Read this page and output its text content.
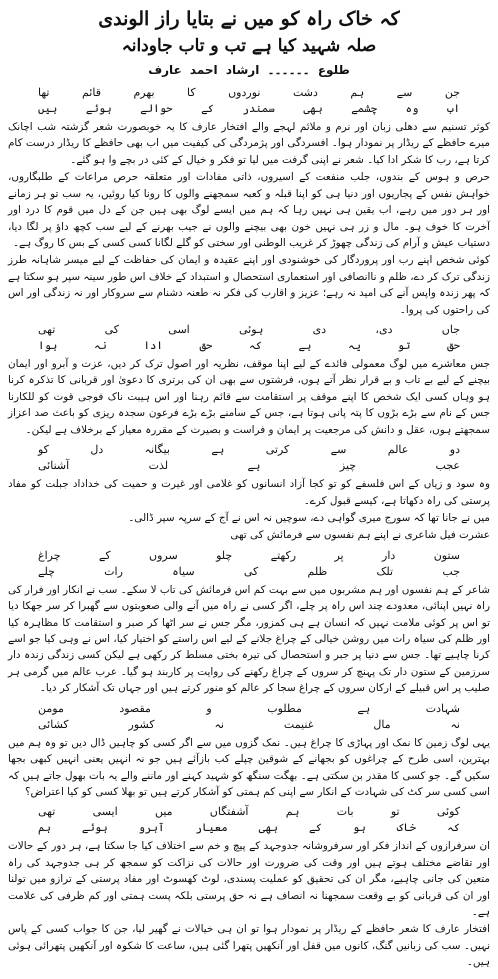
کہ خاک راہ کو میں نے بتایا راز الوندی
صلہ شہید کیا ہے تب و تاب جاودانہ
طلوع ۔۔۔۔۔۔ ارشاد احمد عارف
جن سے ہم دشت نوردوں کا بھرم قائم تھا
اب وہ چشمے بھی سمندر کے حوالے ہوئے ہیں

کوثر تسنیم سے دھلی زبان اور نرم و ملائم لہجے والے افتخار عارف کا یہ خوبصورت شعر گزشتہ شب اچانک میرے حافظے کے ریڈار پر نمودار ہوا۔ افسردگی اور پژمردگی کی کیفیت میں اب بھی حافظے کا ریڈار درست کام کرتا ہے، رب کا شکر ادا کیا۔ شعر نے اپنی گرفت میں لیا تو فکر و خیال کے کئی در بچے وا ہو گئے۔

حرص و ہوس کے بندوں، جلب منفعت کے اسیروں، ذاتی مفادات اور متعلقہ حرص مراعات کے طلبگاروں، خواہش نفس کے پجاریوں اور دنیا ہی کو اپنا قبلہ و کعبہ سمجھنے والوں کا رونا کیا روئیں، یہ سب تو ہر زمانے اور ہر دور میں رہے، اب یقین ہی نہیں رہا کہ ہم میں ایسے لوگ بھی ہیں جن کے دل میں قوم کا درد اور آخرت کا خوف ہو۔ مال و زر ہی نہیں خون بھی بیچنے والوں نے جیب بھرنے کے لیے سب کچھ داؤ پر لگا دیا، دستیاب عیش و آرام کی زندگی چھوڑ کر غریب الوطنی اور سختی کو گلے لگانا کسی کسی کے بس کا روگ ہے۔

کوئی شخص اپنے رب اور پروردگار کی خوشنودی اور اپنے عقیدہ و ایمان کی حفاظت کے لیے میسر شاہانہ طرز زندگی ترک کر دے، ظلم و ناانصافی اور استعماری استحصال و استبداد کے خلاف اس طور سینہ سپر ہو سکتا ہے کہ پھر زندہ واپس آنے کی امید نہ رہے؛ عزیز و اقارب کی فکر نہ طعنہ دشنام سے سروکار اور نہ زندگی اور اس کی راحتوں کی پروا۔

جاں دی، دی ہوئی اسی کی تھی
حق تو یہ ہے کہ حق ادا نہ ہوا

جس معاشرے میں لوگ معمولی فائدے کے لیے اپنا موقف، نظریہ اور اصول ترک کر دیں، عزت و آبرو اور ایمان بیچنے کے لیے بے تاب و بے قرار نظر آتے ہوں، فرشتوں سے بھی ان کی برتری کا دعویٰ اور قربانی کا تذکرہ کرنا ہو وہاں کسی ایک شخص کا اپنے موقف پر استقامت سے قائم رہنا اور اس ہیبت ناک فوجی قوت کو للکارنا جس کے نام سے بڑے بڑوں کا پتہ پانی ہوتا ہے، جس کے سامنے بڑے بڑے فرعون سجدہ ریزی کو باعث صد اعزاز سمجھتے ہوں، عقل و دانش کی مرجعیت پر ایمان و فراست و بصیرت کے مقررہ معیار کے برخلاف ہے لیکن۔

دو عالم سے کرتی ہے بیگانہ دل کو
عجب چیز ہے لذت آشنائی

وہ سود و زیاں کے اس فلسفے کو تو کجا آزاد انسانوں کو غلامی اور غیرت و حمیت کی خداداد جبلت کو مفاد پرستی کی راہ دکھاتا ہے، کیسے قبول کرے۔

میں نے جانا تھا کہ سورج میری گواہی دے، سوچیں نہ اس نے آج کے سرپہ سپر ڈالی۔

عشرت فیل شاعری نے اپنے ہم نفسوں سے فرمائش کی تھی

ستون دار پر رکھتے چلو سروں کے چراغ
جب تلک ظلم کی سیاہ رات چلے

شاعر کے ہم نفسوں اور ہم مشربوں میں سے بہت کم اس فرمائش کی تاب لا سکے۔ سب نے انکار اور فرار کی راہ نہیں اپنائی، معدودے چند اس راہ پر چلے، اگر کسی نے راہ میں آنے والی صعوبتوں سے گھبرا کر سر جھکا دیا تو اس پر کوئی ملامت نہیں کہ انسان ہے ہی کمزور، مگر جس نے سر اٹھا کر صبر و استقامت کا مظاہرہ کیا اور ظلم کی سیاہ رات میں روشن خیالی کے چراغ جلانے کے لیے اس راستے کو اختیار کیا، اس نے وہی کیا جو اسے کرنا چاہیے تھا۔ جس سے دنیا پر جبر و استحصال کی تیرہ بختی مسلط کر رکھی ہے لیکن کسی زندگی زندہ دار سرزمین کے ستون دار تک پہنچ کر سروں کے چراغ رکھنے کی روایت پر کاربند ہو گیا۔ عرب عالم میں گرمی ہر صلیب پر اس قبیلے کے ارکان سروں کے چراغ سجا کر عالم کو منور کرتے ہیں اور جہاں تک آشکار کر دیا۔

شہادت ہے مطلوب و مقصود مومن
نہ مال غنیمت نہ کشور کشائی

یہی لوگ زمین کا نمک اور پہاڑی کا چراغ ہیں۔ نمک گزوں میں سے اگر کسی کو چاہیں ڈال دیں تو وہ ہم میں بہترین، اسی طرح کے چراغوں کو بجھانے کے شوقین چپلے کب بازآئے ہیں جو نہ انہیں یعنی انہیں کبھی بجھا سکیں گے۔ جو کسی کا مقدر بن سکتی ہے۔ بھگت سنگھ کو شہید کہنے اور ماننے والے یہ بات بھول جاتے ہیں کہ اسی کسی سر کٹ کی شہادت کے انکار سے اپنی کم ہمتی کو آشکار کرتے ہیں تو بھلا کسی کو کیا اعتراض؟

کوئی تو بات ہم آشفتگاں میں ایسی تھی
کہ خاک ہو کے بھی معیار آبرو ہوئے ہم

ان سرفرازوں کے انداز فکر اور سرفروشانہ جدوجہد کے پیچ و خم سے اختلاف کیا جا سکتا ہے، ہر دور کے حالات اور تقاضے مختلف ہوتے ہیں اور وقت کی ضرورت اور حالات کی نزاکت کو سمجھ کر ہی جدوجہد کی راہ متعین کی جانی چاہیے، مگر ان کی تحقیق کو عملیت پسندی، لوٹ کھسوٹ اور مفاد پرستی کے ترازو میں تولنا اور ان کی قربانی کو بے وقعت سمجھنا نہ انصاف ہے نہ حق پرستی بلکہ پست ہمتی اور کم ظرفی کی علامت ہے۔

افتخار عارف کا شعر حافظے کے ریڈار پر نمودار ہوا تو ان ہی خیالات نے گھیر لیا، جن کا جواب کسی کے پاس نہیں۔ سب کی زبانیں گنگ، کانوں میں قفل اور آنکھیں پتھرا گئی ہیں، ساعت کا شکوہ اور آنکھیں پتھرائی ہوئی ہیں۔
